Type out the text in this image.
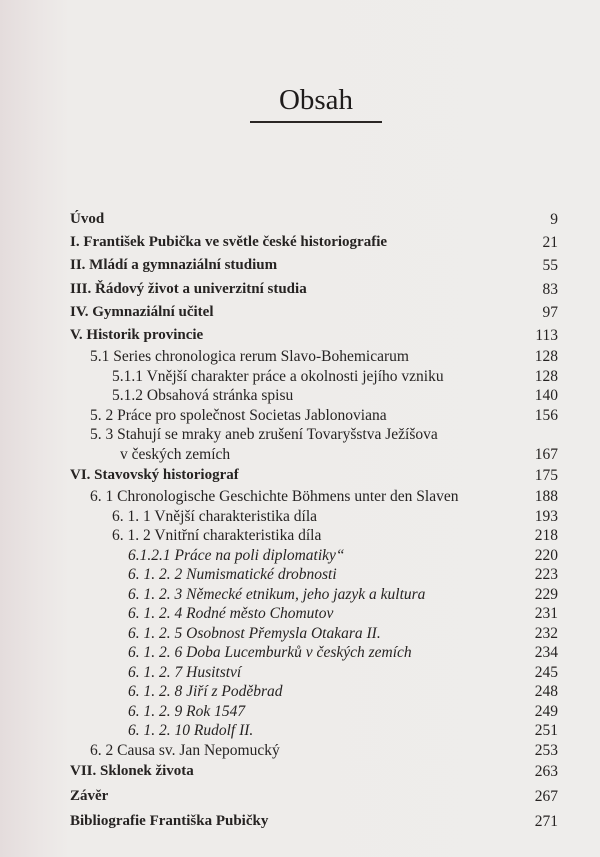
Obsah
Úvod	9
I. František Pubička ve světle české historiografie	21
II. Mládí a gymnaziální studium	55
III. Řádový život a univerzitní studia	83
IV. Gymnaziální učitel	97
V. Historik provincie	113
5.1 Series chronologica rerum Slavo-Bohemicarum	128
5.1.1 Vnější charakter práce a okolnosti jejího vzniku	128
5.1.2 Obsahová stránka spisu	140
5. 2 Práce pro společnost Societas Jablonoviana	156
5. 3 Stahují se mraky aneb zrušení Tovaryšstva Ježíšova
v českých zemích	167
VI. Stavovský historiograf	175
6. 1 Chronologische Geschichte Böhmens unter den Slaven	188
6. 1. 1 Vnější charakteristika díla	193
6. 1. 2 Vnitřní charakteristika díla	218
6.1.2.1 Práce na poli diplomatiky“	220
6. 1. 2. 2 Numismatické drobnosti	223
6. 1. 2. 3 Německé etnikum, jeho jazyk a kultura	229
6. 1. 2. 4 Rodné město Chomutov	231
6. 1. 2. 5 Osobnost Přemysla Otakara II.	232
6. 1. 2. 6 Doba Lucemburků v českých zemích	234
6. 1. 2. 7 Husitství	245
6. 1. 2. 8 Jiří z Poděbrad	248
6. 1. 2. 9 Rok 1547	249
6. 1. 2. 10 Rudolf II.	251
6. 2 Causa sv. Jan Nepomucký	253
VII. Sklonek života	263
Závěr	267
Bibliografie Františka Pubičky	271
